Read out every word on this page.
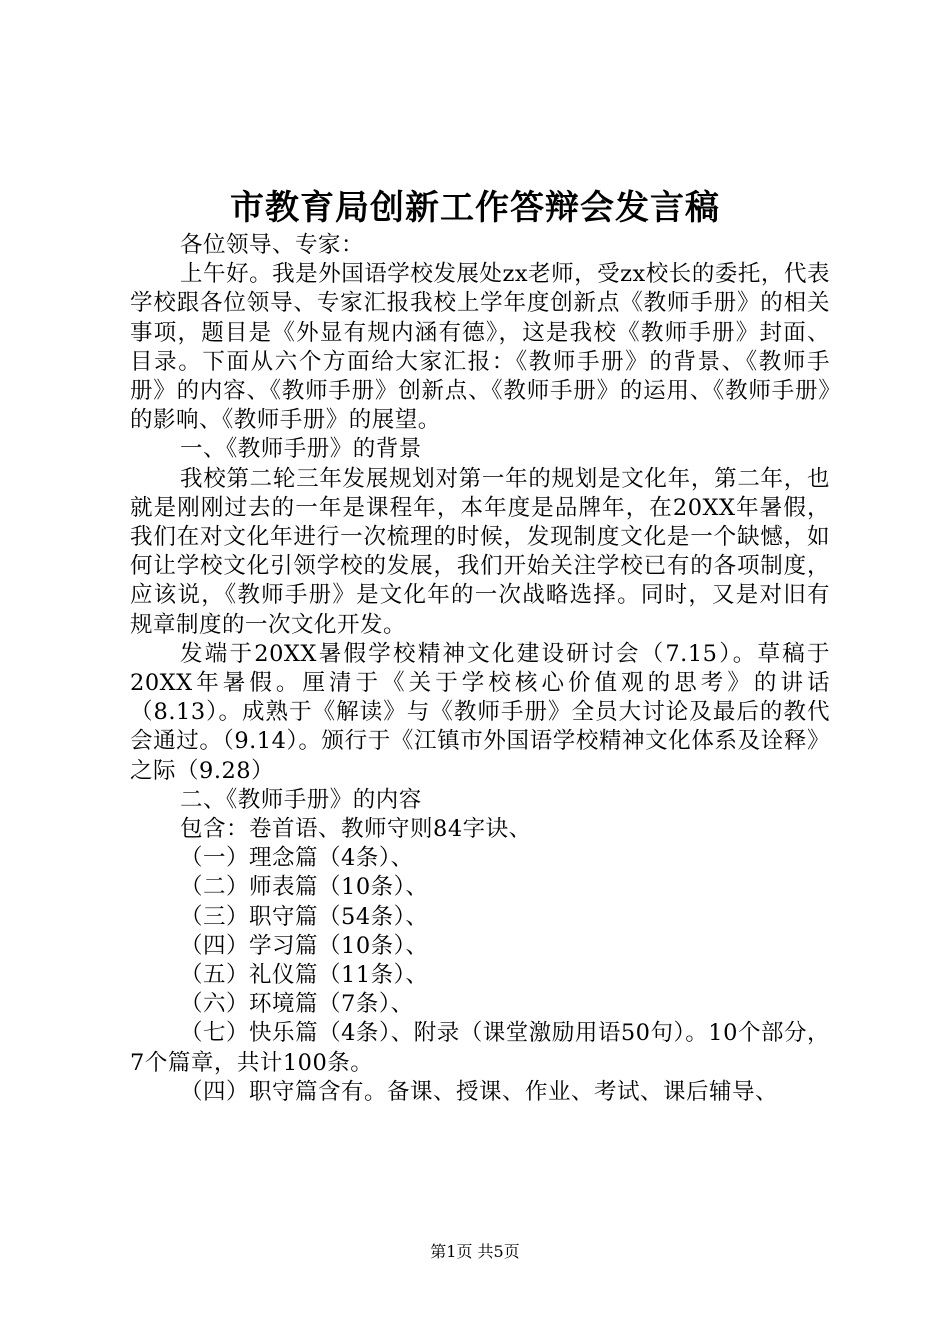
市教育局创新工作答辩会发言稿

各位领导、专家：

上午好。我是外国语学校发展处zx老师，受zx校长的委托，代表学校跟各位领导、专家汇报我校上学年度创新点《教师手册》的相关事项，题目是《外显有规内涵有德》，这是我校《教师手册》封面、目录。下面从六个方面给大家汇报：《教师手册》的背景、《教师手册》的内容、《教师手册》创新点、《教师手册》的运用、《教师手册》的影响、《教师手册》的展望。

一、《教师手册》的背景

我校第二轮三年发展规划对第一年的规划是文化年，第二年，也就是刚刚过去的一年是课程年，本年度是品牌年，在20XX年暑假，我们在对文化年进行一次梳理的时候，发现制度文化是一个缺憾，如何让学校文化引领学校的发展，我们开始关注学校已有的各项制度，应该说，《教师手册》是文化年的一次战略选择。同时，又是对旧有规章制度的一次文化开发。

发端于20XX暑假学校精神文化建设研讨会（7.15）。草稿于20XX年暑假。厘清于《关于学校核心价值观的思考》的讲话（8.13）。成熟于《解读》与《教师手册》全员大讨论及最后的教代会通过。（9.14）。颁行于《江镇市外国语学校精神文化体系及诠释》之际（9.28）

二、《教师手册》的内容

包含：卷首语、教师守则84字诀、

（一）理念篇（4条）、

（二）师表篇（10条）、

（三）职守篇（54条）、

（四）学习篇（10条）、

（五）礼仪篇（11条）、

（六）环境篇（7条）、

（七）快乐篇（4条）、附录（课堂激励用语50句）。10个部分，7个篇章，共计100条。

（四）职守篇含有。备课、授课、作业、考试、课后辅导、

第1页 共5页
